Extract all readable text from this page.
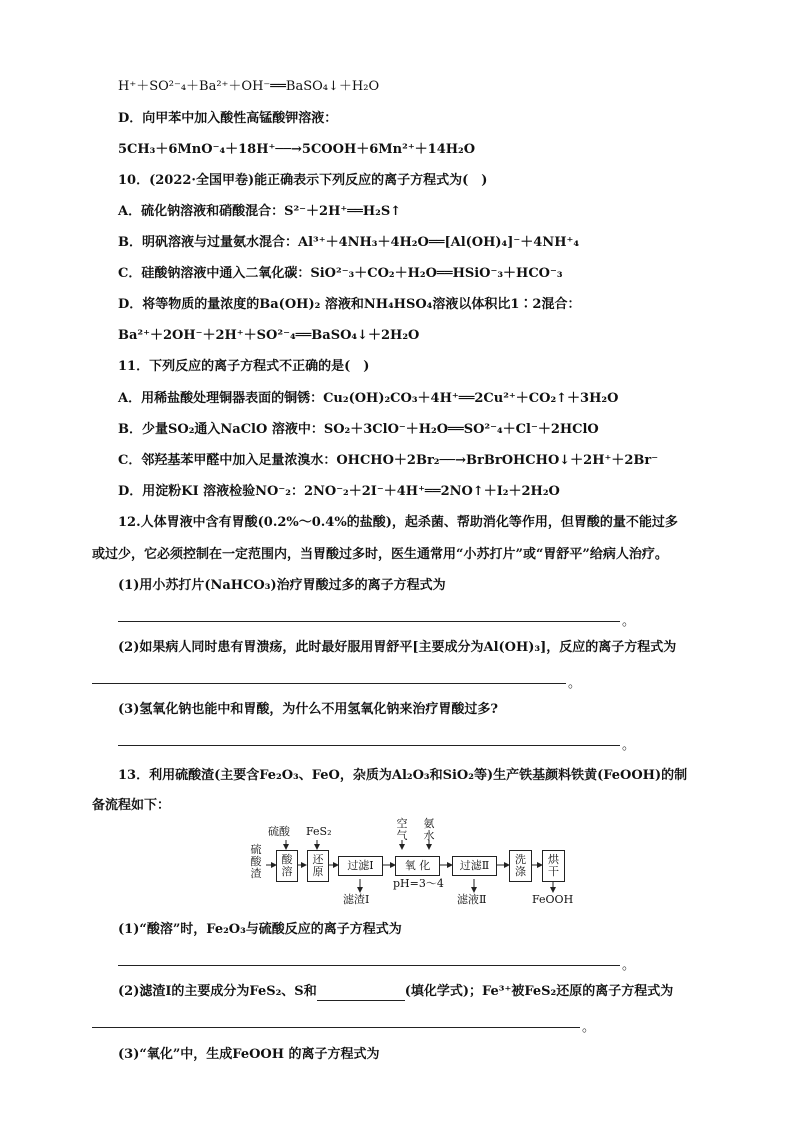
H⁺＋SO²⁻₄＋Ba²⁺＋OH⁻══BaSO₄↓＋H₂O
D．向甲苯中加入酸性高锰酸钾溶液：
5CH₃＋6MnO⁻₄＋18H⁺──→5COOH＋6Mn²⁺＋14H₂O
10．(2022·全国甲卷)能正确表示下列反应的离子方程式为(　)
A．硫化钠溶液和硝酸混合：S²⁻＋2H⁺══H₂S↑
B．明矾溶液与过量氨水混合：Al³⁺＋4NH₃＋4H₂O══[Al(OH)₄]⁻＋4NH⁺₄
C．硅酸钠溶液中通入二氧化碳：SiO²⁻₃＋CO₂＋H₂O══HSiO⁻₃＋HCO⁻₃
D．将等物质的量浓度的Ba(OH)₂ 溶液和NH₄HSO₄溶液以体积比1∶2混合：
Ba²⁺＋2OH⁻＋2H⁺＋SO²⁻₄══BaSO₄↓＋2H₂O
11．下列反应的离子方程式不正确的是(　)
A．用稀盐酸处理铜器表面的铜锈：Cu₂(OH)₂CO₃＋4H⁺══2Cu²⁺＋CO₂↑＋3H₂O
B．少量SO₂通入NaClO 溶液中：SO₂＋3ClO⁻＋H₂O══SO²⁻₄＋Cl⁻＋2HClO
C．邻羟基苯甲醛中加入足量浓溴水：OHCHO＋2Br₂──→BrBrOHCHO↓＋2H⁺＋2Br⁻
D．用淀粉KI 溶液检验NO⁻₂：2NO⁻₂＋2I⁻＋4H⁺══2NO↑＋I₂＋2H₂O
12.人体胃液中含有胃酸(0.2%～0.4%的盐酸)，起杀菌、帮助消化等作用，但胃酸的量不能过多
或过少，它必须控制在一定范围内，当胃酸过多时，医生通常用“小苏打片”或“胃舒平”给病人治疗。
(1)用小苏打片(NaHCO₃)治疗胃酸过多的离子方程式为
。
(2)如果病人同时患有胃溃疡，此时最好服用胃舒平[主要成分为Al(OH)₃]，反应的离子方程式为
。
(3)氢氧化钠也能中和胃酸，为什么不用氢氧化钠来治疗胃酸过多?
。
13．利用硫酸渣(主要含Fe₂O₃、FeO，杂质为Al₂O₃和SiO₂等)生产铁基颜料铁黄(FeOOH)的制
备流程如下：
硫酸渣
硫酸 FeS₂
空气
氨水
酸溶
还原	过滤Ⅰ	氧 化	过滤Ⅱ	洗涤
烘干
滤渣Ⅰ
pH=3～4
滤液Ⅱ	FeOOH
(1)“酸溶”时，Fe₂O₃与硫酸反应的离子方程式为
。
(2)滤渣Ⅰ的主要成分为FeS₂、S和	(填化学式)；Fe³⁺被FeS₂还原的离子方程式为
。
(3)“氧化”中，生成FeOOH 的离子方程式为
